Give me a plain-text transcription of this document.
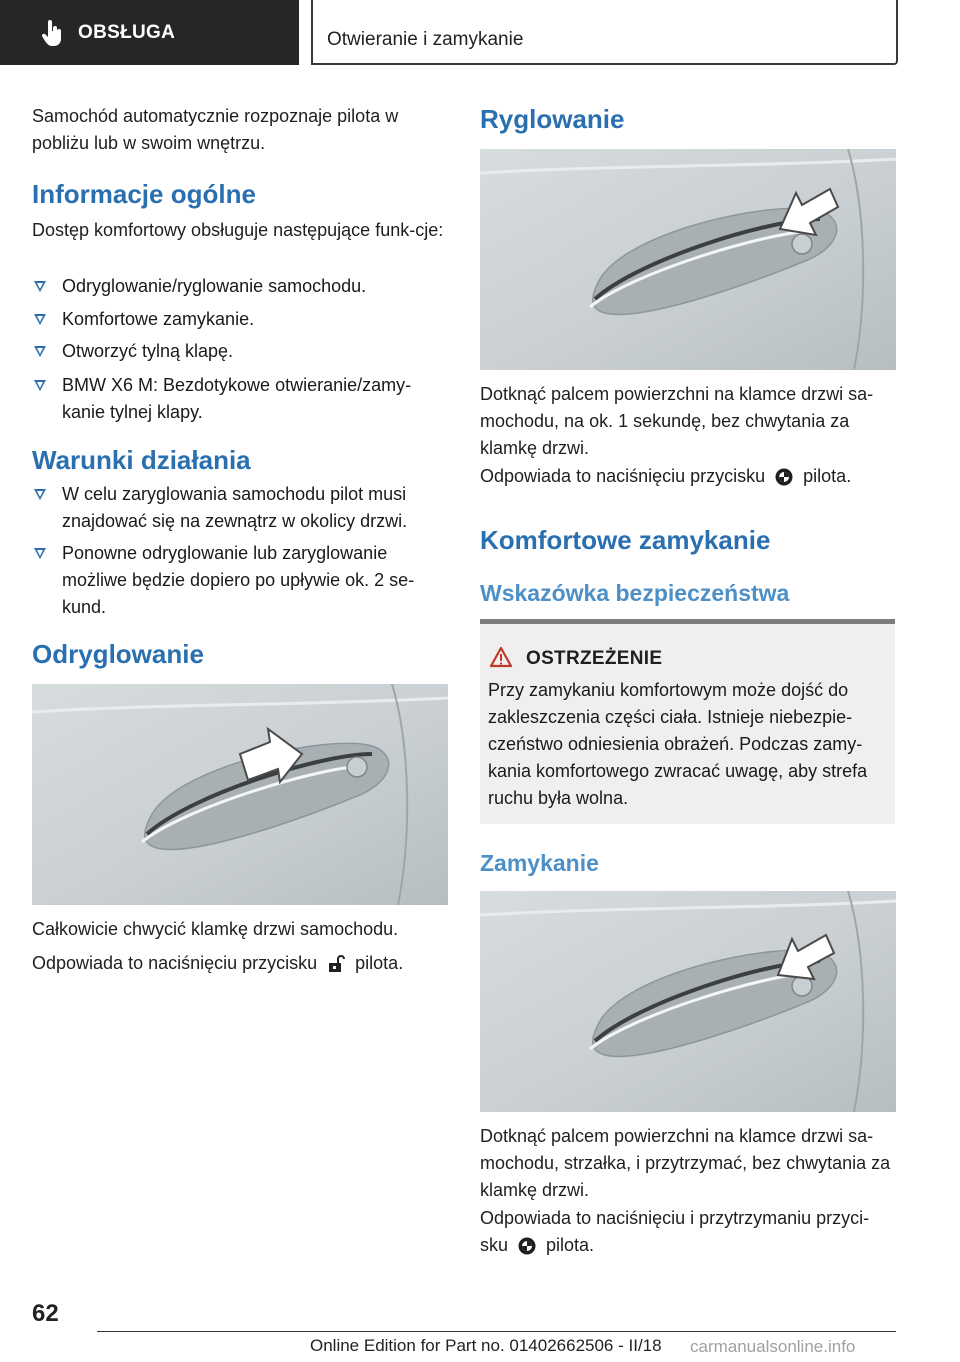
OBSŁUGA	Otwieranie i zamykanie
Samochód automatycznie rozpoznaje pilota w pobliżu lub w swoim wnętrzu.
Informacje ogólne
Dostęp komfortowy obsługuje następujące funk-cje:
Odryglowanie/ryglowanie samochodu.
Komfortowe zamykanie.
Otworzyć tylną klapę.
BMW X6 M: Bezdotykowe otwieranie/zamy-kanie tylnej klapy.
Warunki działania
W celu zaryglowania samochodu pilot musi znajdować się na zewnątrz w okolicy drzwi.
Ponowne odryglowanie lub zaryglowanie możliwe będzie dopiero po upływie ok. 2 se-kund.
Odryglowanie
Całkowicie chwycić klamkę drzwi samochodu.
Odpowiada to naciśnięciu przycisku pilota.
Ryglowanie
Dotknąć palcem powierzchni na klamce drzwi sa-mochodu, na ok. 1 sekundę, bez chwytania za klamkę drzwi.
Odpowiada to naciśnięciu przycisku pilota.
Komfortowe zamykanie
Wskazówka bezpieczeństwa
Zamykanie
Dotknąć palcem powierzchni na klamce drzwi sa-mochodu, strzałka, i przytrzymać, bez chwytania za klamkę drzwi.
Odpowiada to naciśnięciu i przytrzymaniu przyci-sku pilota.
OSTRZEŻENIE
Przy zamykaniu komfortowym może dojść do zakleszczenia części ciała. Istnieje niebezpie-czeństwo odniesienia obrażeń. Podczas zamy-kania komfortowego zwracać uwagę, aby strefa ruchu była wolna.
62
Online Edition for Part no. 01402662506 - II/18 carmanualsonline.info
